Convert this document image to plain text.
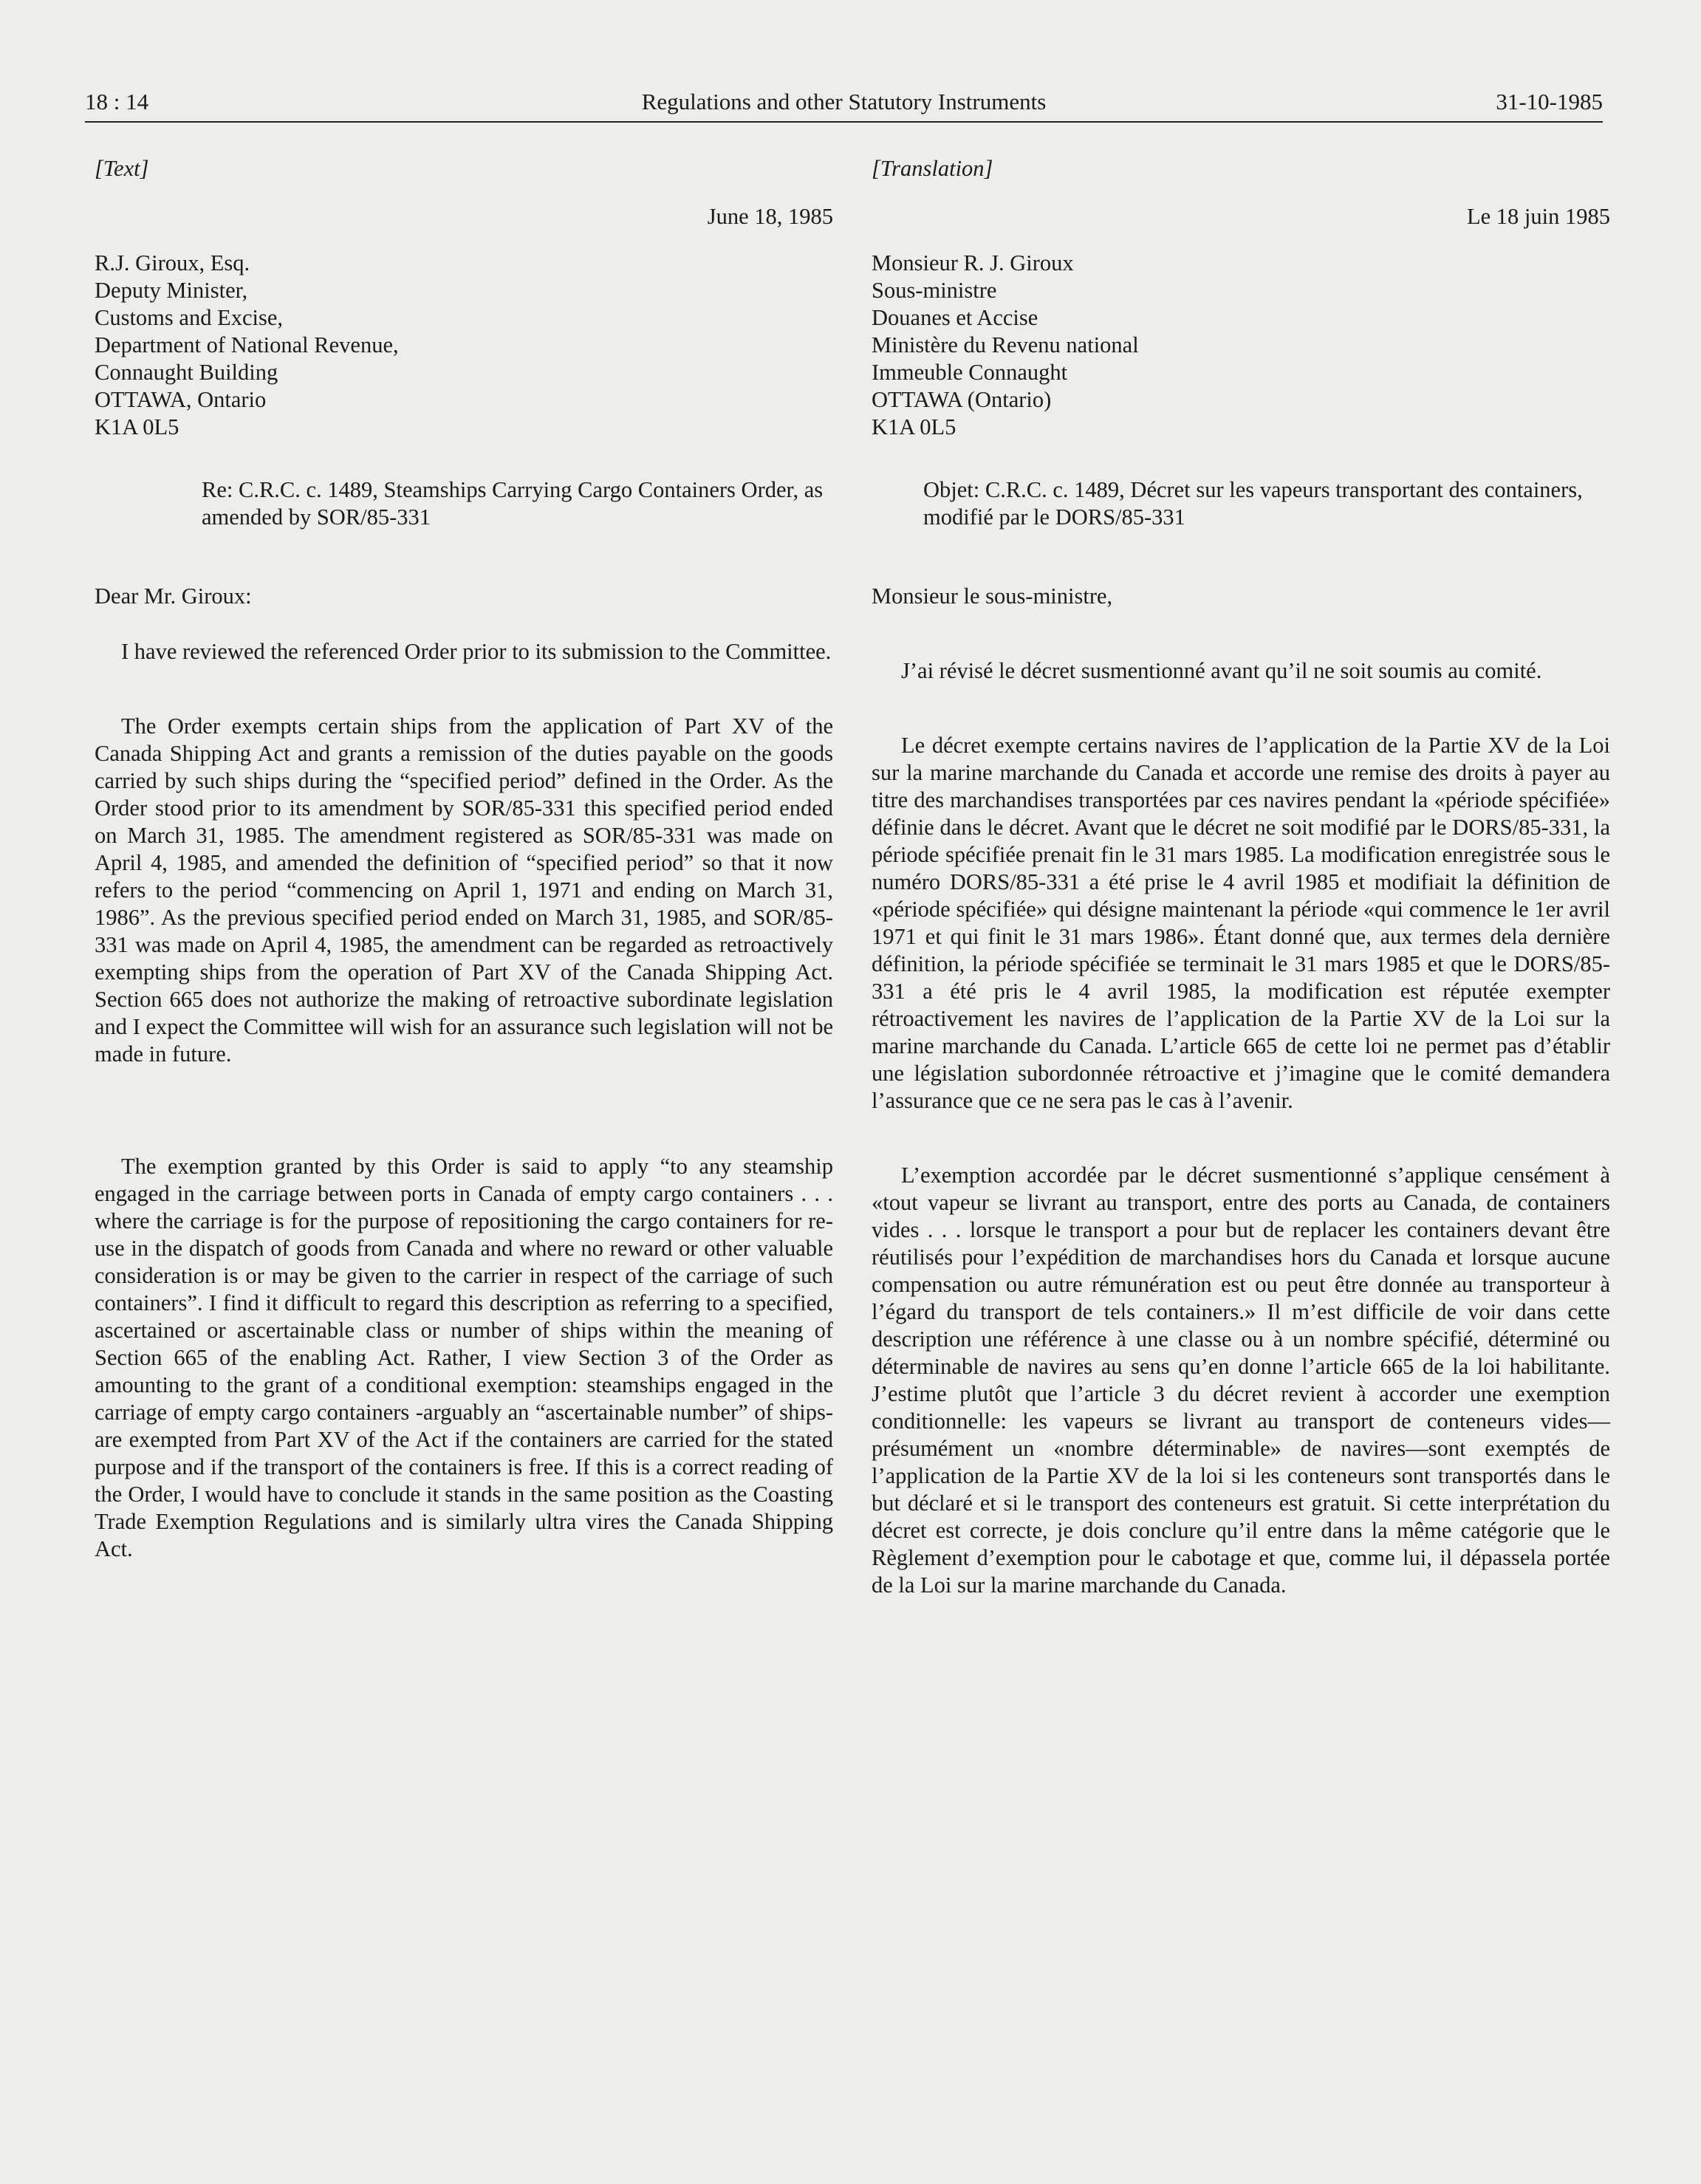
18 : 14	Regulations and other Statutory Instruments	31-10-1985
[Text]
June 18, 1985
R.J. Giroux, Esq.
Deputy Minister,
Customs and Excise,
Department of National Revenue,
Connaught Building
OTTAWA, Ontario
K1A 0L5
Re: C.R.C. c. 1489, Steamships Carrying Cargo Containers Order, as amended by SOR/85-331
Dear Mr. Giroux:

I have reviewed the referenced Order prior to its submission to the Committee.

The Order exempts certain ships from the application of Part XV of the Canada Shipping Act and grants a remission of the duties payable on the goods carried by such ships during the “specified period” defined in the Order. As the Order stood prior to its amendment by SOR/85-331 this specified period ended on March 31, 1985. The amendment registered as SOR/85-331 was made on April 4, 1985, and amended the definition of “specified period” so that it now refers to the period “commencing on April 1, 1971 and ending on March 31, 1986”. As the previous specified period ended on March 31, 1985, and SOR/85-331 was made on April 4, 1985, the amendment can be regarded as retroactively exempting ships from the operation of Part XV of the Canada Shipping Act. Section 665 does not authorize the making of retroactive subordinate legislation and I expect the Committee will wish for an assurance such legislation will not be made in future.

The exemption granted by this Order is said to apply “to any steamship engaged in the carriage between ports in Canada of empty cargo containers . . . where the carriage is for the purpose of repositioning the cargo containers for re-use in the dispatch of goods from Canada and where no reward or other valuable consideration is or may be given to the carrier in respect of the carriage of such containers”. I find it difficult to regard this description as referring to a specified, ascertained or ascertainable class or number of ships within the meaning of Section 665 of the enabling Act. Rather, I view Section 3 of the Order as amounting to the grant of a conditional exemption: steamships engaged in the carriage of empty cargo containers -arguably an “ascertainable number” of ships-are exempted from Part XV of the Act if the containers are carried for the stated purpose and if the transport of the containers is free. If this is a correct reading of the Order, I would have to conclude it stands in the same position as the Coasting Trade Exemption Regulations and is similarly ultra vires the Canada Shipping Act.

[Translation]
Le 18 juin 1985
Monsieur R. J. Giroux
Sous-ministre
Douanes et Accise
Ministère du Revenu national
Immeuble Connaught
OTTAWA (Ontario)
K1A 0L5
Objet: C.R.C. c. 1489, Décret sur les vapeurs transportant des containers, modifié par le DORS/85-331
Monsieur le sous-ministre,

J’ai révisé le décret susmentionné avant qu’il ne soit soumis au comité.

Le décret exempte certains navires de l’application de la Partie XV de la Loi sur la marine marchande du Canada et accorde une remise des droits à payer au titre des marchandises transportées par ces navires pendant la «période spécifiée» définie dans le décret. Avant que le décret ne soit modifié par le DORS/85-331, la période spécifiée prenait fin le 31 mars 1985. La modification enregistrée sous le numéro DORS/85-331 a été prise le 4 avril 1985 et modifiait la définition de «période spécifiée» qui désigne maintenant la période «qui commence le 1er avril 1971 et qui finit le 31 mars 1986». Étant donné que, aux termes dela dernière définition, la période spécifiée se terminait le 31 mars 1985 et que le DORS/85-331 a été pris le 4 avril 1985, la modification est réputée exempter rétroactivement les navires de l’application de la Partie XV de la Loi sur la marine marchande du Canada. L’article 665 de cette loi ne permet pas d’établir une législation subordonnée rétroactive et j’imagine que le comité demandera l’assurance que ce ne sera pas le cas à l’avenir.

L’exemption accordée par le décret susmentionné s’applique censément à «tout vapeur se livrant au transport, entre des ports au Canada, de containers vides . . . lorsque le transport a pour but de replacer les containers devant être réutilisés pour l’expédition de marchandises hors du Canada et lorsque aucune compensation ou autre rémunération est ou peut être donnée au transporteur à l’égard du transport de tels containers.» Il m’est difficile de voir dans cette description une référence à une classe ou à un nombre spécifié, déterminé ou déterminable de navires au sens qu’en donne l’article 665 de la loi habilitante. J’estime plutôt que l’article 3 du décret revient à accorder une exemption conditionnelle: les vapeurs se livrant au transport de conteneurs vides—présumément un «nombre déterminable» de navires—sont exemptés de l’application de la Partie XV de la loi si les conteneurs sont transportés dans le but déclaré et si le transport des conteneurs est gratuit. Si cette interprétation du décret est correcte, je dois conclure qu’il entre dans la même catégorie que le Règlement d’exemption pour le cabotage et que, comme lui, il dépassela portée de la Loi sur la marine marchande du Canada.
